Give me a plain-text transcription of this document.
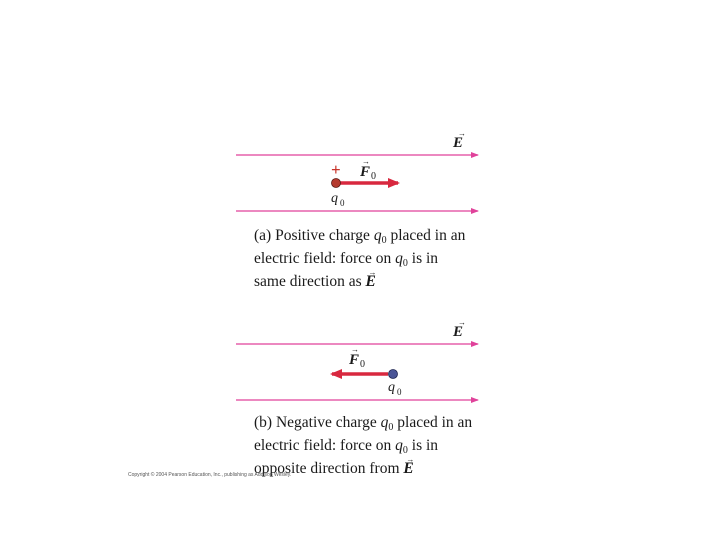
E
→
+ F
→
0
q 0
E
→
F
→
0
q 0
(a) Positive charge $q_0$ placed in an
electric field: force on $q_0$ is in
same direction as → E
(b) Negative charge $q_0$ placed in an
electric field: force on $q_0$ is in
opposite direction from → E
Copyright © 2004 Pearson Education, Inc., publishing as Addison Wesley.
